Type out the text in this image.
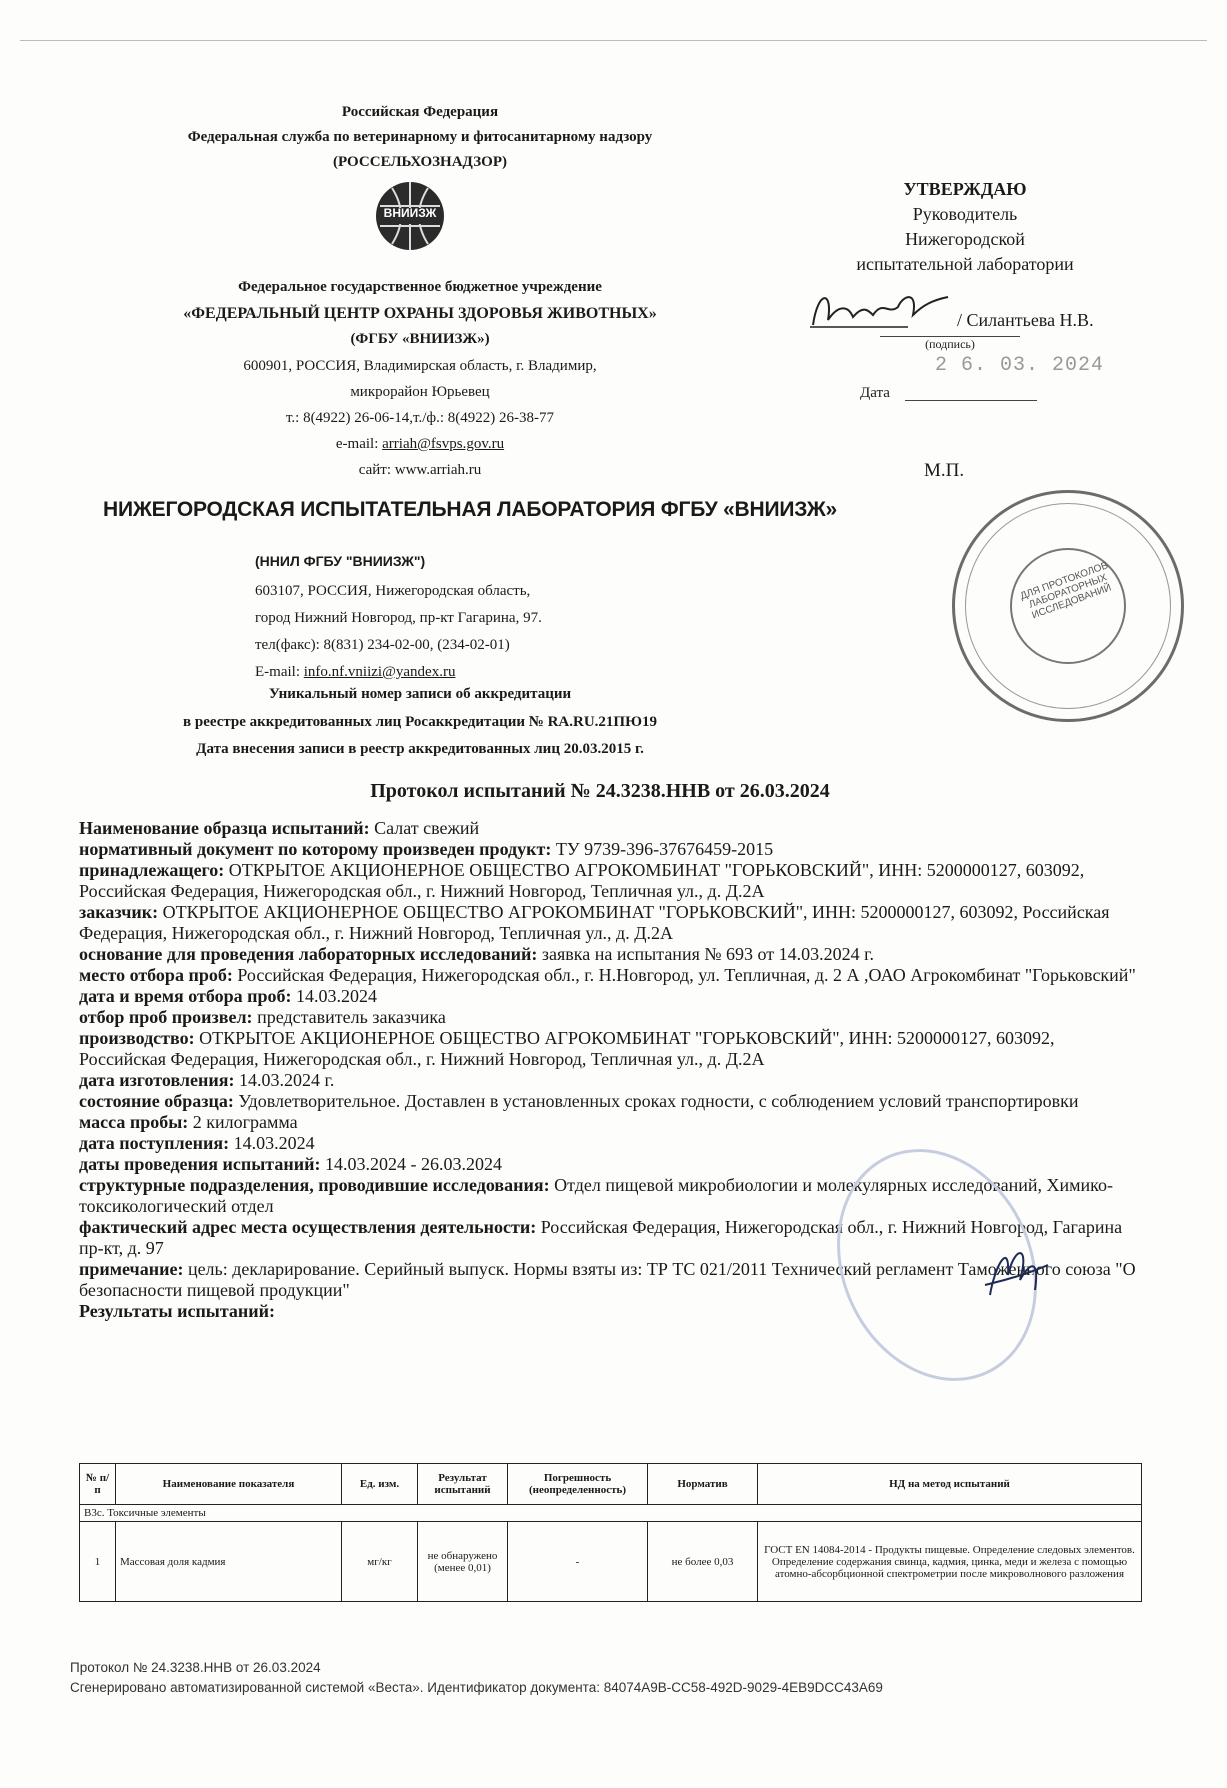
Российская Федерация
Федеральная служба по ветеринарному и фитосанитарному надзору
(РОССЕЛЬХОЗНАДЗОР)
ВНИИЗЖ
Федеральное государственное бюджетное учреждение
«ФЕДЕРАЛЬНЫЙ ЦЕНТР ОХРАНЫ ЗДОРОВЬЯ ЖИВОТНЫХ»
(ФГБУ «ВНИИЗЖ»)
600901, РОССИЯ, Владимирская область, г. Владимир,
микрорайон Юрьевец
т.: 8(4922) 26-06-14,т./ф.: 8(4922) 26-38-77
e-mail: arriah@fsvps.gov.ru
сайт: www.arriah.ru
УТВЕРЖДАЮ
Руководитель
Нижегородской
испытательной лаборатории
/ Силантьева Н.В.
(подпись)
2 6. 03. 2024
Дата
М.П.
ДЛЯ ПРОТОКОЛОВ ЛАБОРАТОРНЫХ ИССЛЕДОВАНИЙ
НИЖЕГОРОДСКАЯ ИСПЫТАТЕЛЬНАЯ ЛАБОРАТОРИЯ ФГБУ «ВНИИЗЖ»
(ННИЛ ФГБУ "ВНИИЗЖ")
603107, РОССИЯ, Нижегородская область,
город Нижний Новгород, пр-кт Гагарина, 97.
тел(факс): 8(831) 234-02-00, (234-02-01)
E-mail: info.nf.vniizi@yandex.ru
Уникальный номер записи об аккредитации
в реестре аккредитованных лиц Росаккредитации № RA.RU.21ПЮ19
Дата внесения записи в реестр аккредитованных лиц 20.03.2015 г.
Протокол испытаний № 24.3238.ННВ от 26.03.2024

Наименование образца испытаний: Салат свежий

нормативный документ по которому произведен продукт: ТУ 9739-396-37676459-2015

принадлежащего: ОТКРЫТОЕ АКЦИОНЕРНОЕ ОБЩЕСТВО АГРОКОМБИНАТ "ГОРЬКОВСКИЙ", ИНН: 5200000127, 603092, Российская Федерация, Нижегородская обл., г. Нижний Новгород, Тепличная ул., д. Д.2А

заказчик: ОТКРЫТОЕ АКЦИОНЕРНОЕ ОБЩЕСТВО АГРОКОМБИНАТ "ГОРЬКОВСКИЙ", ИНН: 5200000127, 603092, Российская Федерация, Нижегородская обл., г. Нижний Новгород, Тепличная ул., д. Д.2А

основание для проведения лабораторных исследований: заявка на испытания № 693 от 14.03.2024 г.

место отбора проб: Российская Федерация, Нижегородская обл., г. Н.Новгород, ул. Тепличная, д. 2 А ,ОАО Агрокомбинат "Горьковский"

дата и время отбора проб: 14.03.2024

отбор проб произвел: представитель заказчика

производство: ОТКРЫТОЕ АКЦИОНЕРНОЕ ОБЩЕСТВО АГРОКОМБИНАТ "ГОРЬКОВСКИЙ", ИНН: 5200000127, 603092, Российская Федерация, Нижегородская обл., г. Нижний Новгород, Тепличная ул., д. Д.2А

дата изготовления: 14.03.2024 г.

состояние образца: Удовлетворительное. Доставлен в установленных сроках годности, с соблюдением условий транспортировки

масса пробы: 2 килограмма

дата поступления: 14.03.2024

даты проведения испытаний: 14.03.2024 - 26.03.2024

структурные подразделения, проводившие исследования: Отдел пищевой микробиологии и молекулярных исследований, Химико-токсикологический отдел

фактический адрес места осуществления деятельности: Российская Федерация, Нижегородская обл., г. Нижний Новгород, Гагарина пр-кт, д. 97

примечание: цель: декларирование. Серийный выпуск. Нормы взяты из: ТР ТС 021/2011 Технический регламент Таможенного союза "О безопасности пищевой продукции"

Результаты испытаний:

№ п/п	Наименование показателя	Ед. изм.	Результат испытаний	Погрешность (неопределенность)	Норматив	НД на метод испытаний
В3с. Токсичные элементы						
1	Массовая доля кадмия	мг/кг	не обнаружено (менее 0,01)	-	не более 0,03	ГОСТ EN 14084-2014 - Продукты пищевые. Определение следовых элементов. Определение содержания свинца, кадмия, цинка, меди и железа с помощью атомно-абсорбционной спектрометрии после микроволнового разложения
Протокол № 24.3238.ННВ от 26.03.2024
Сгенерировано автоматизированной системой «Веста». Идентификатор документа: 84074A9B-CC58-492D-9029-4EB9DCC43A69
